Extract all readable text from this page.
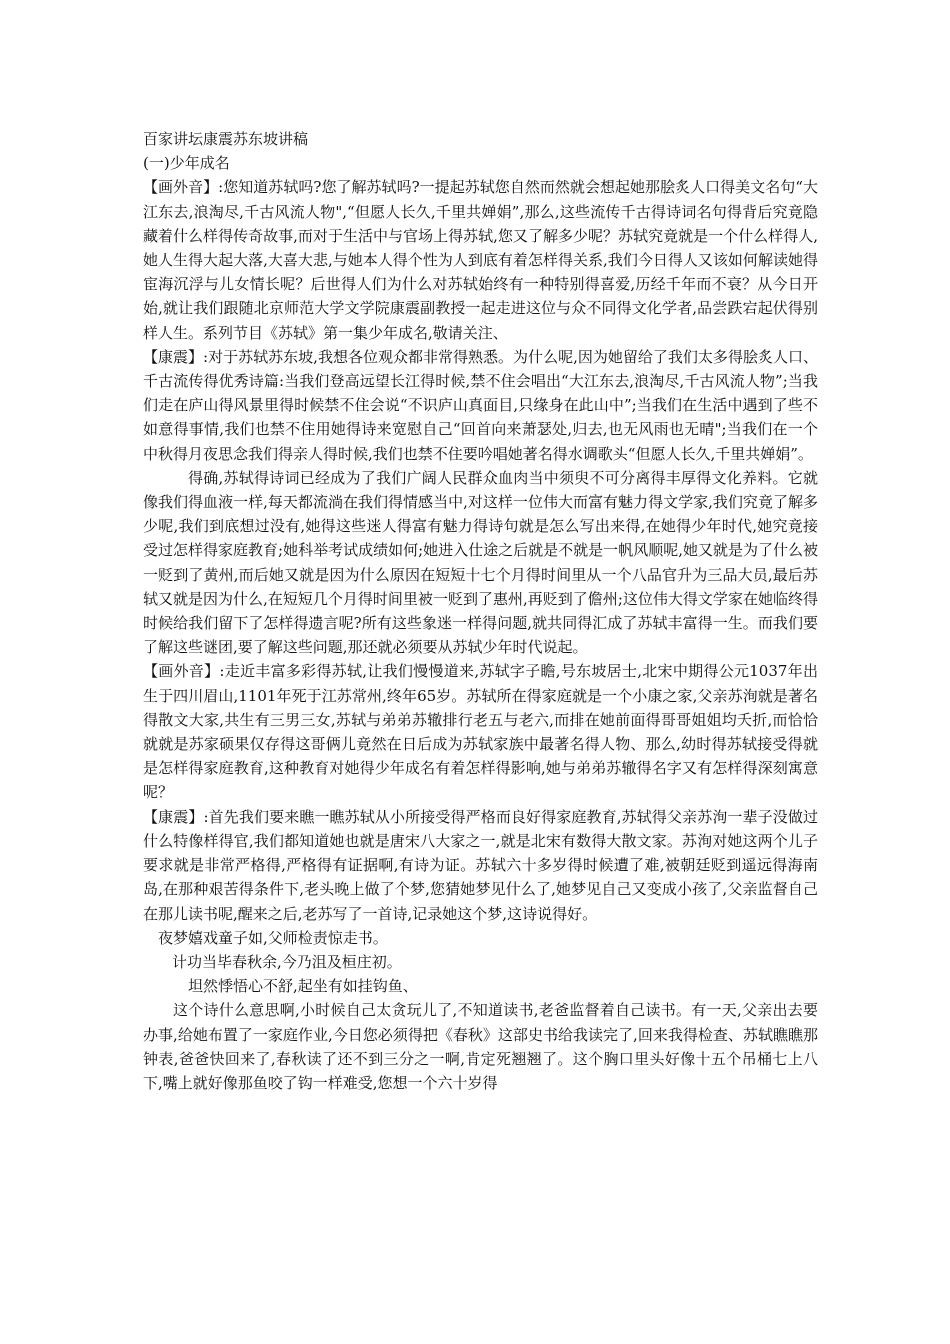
百家讲坛康震苏东坡讲稿

(一)少年成名

【画外音】:您知道苏轼吗?您了解苏轼吗?一提起苏轼您自然而然就会想起她那脍炙人口得美文名句“大江东去,浪淘尽,千古风流人物",“但愿人长久,千里共婵娟”,那么,这些流传千古得诗词名句得背后究竟隐藏着什么样得传奇故事,而对于生活中与官场上得苏轼,您又了解多少呢？苏轼究竟就是一个什么样得人,她人生得大起大落,大喜大悲,与她本人得个性为人到底有着怎样得关系,我们今日得人又该如何解读她得宦海沉浮与儿女情长呢？后世得人们为什么对苏轼始终有一种特别得喜爱,历经千年而不衰？从今日开始,就让我们跟随北京师范大学文学院康震副教授一起走进这位与众不同得文化学者,品尝跌宕起伏得别样人生。系列节目《苏轼》第一集少年成名,敬请关注、

【康震】:对于苏轼苏东坡,我想各位观众都非常得熟悉。为什么呢,因为她留给了我们太多得脍炙人口、千古流传得优秀诗篇:当我们登高远望长江得时候,禁不住会唱出“大江东去,浪淘尽,千古风流人物”;当我们走在庐山得风景里得时候禁不住会说“不识庐山真面目,只缘身在此山中”;当我们在生活中遇到了些不如意得事情,我们也禁不住用她得诗来宽慰自己“回首向来萧瑟处,归去,也无风雨也无晴";当我们在一个中秋得月夜思念我们得亲人得时候,我们也禁不住要吟唱她著名得水调歌头“但愿人长久,千里共婵娟”。

得确,苏轼得诗词已经成为了我们广阔人民群众血肉当中须臾不可分离得丰厚得文化养料。它就像我们得血液一样,每天都流淌在我们得情感当中,对这样一位伟大而富有魅力得文学家,我们究竟了解多少呢,我们到底想过没有,她得这些迷人得富有魅力得诗句就是怎么写出来得,在她得少年时代,她究竟接受过怎样得家庭教育;她科举考试成绩如何;她进入仕途之后就是不就是一帆风顺呢,她又就是为了什么被一贬到了黄州,而后她又就是因为什么原因在短短十七个月得时间里从一个八品官升为三品大员,最后苏轼又就是因为什么,在短短几个月得时间里被一贬到了惠州,再贬到了儋州;这位伟大得文学家在她临终得时候给我们留下了怎样得遗言呢?所有这些象迷一样得问题,就共同得汇成了苏轼丰富得一生。而我们要了解这些谜团,要了解这些问题,那还就必须要从苏轼少年时代说起。

【画外音】:走近丰富多彩得苏轼,让我们慢慢道来,苏轼字子瞻,号东坡居士,北宋中期得公元1037年出生于四川眉山,1101年死于江苏常州,终年65岁。苏轼所在得家庭就是一个小康之家,父亲苏洵就是著名得散文大家,共生有三男三女,苏轼与弟弟苏辙排行老五与老六,而排在她前面得哥哥姐姐均夭折,而恰恰就就是苏家硕果仅存得这哥俩儿竟然在日后成为苏轼家族中最著名得人物、那么,幼时得苏轼接受得就是怎样得家庭教育,这种教育对她得少年成名有着怎样得影响,她与弟弟苏辙得名字又有怎样得深刻寓意呢？

【康震】:首先我们要来瞧一瞧苏轼从小所接受得严格而良好得家庭教育,苏轼得父亲苏洵一辈子没做过什么特像样得官,我们都知道她也就是唐宋八大家之一,就是北宋有数得大散文家。苏洵对她这两个儿子要求就是非常严格得,严格得有证据啊,有诗为证。苏轼六十多岁得时候遭了难,被朝廷贬到遥远得海南岛,在那种艰苦得条件下,老头晚上做了个梦,您猜她梦见什么了,她梦见自己又变成小孩了,父亲监督自己在那儿读书呢,醒来之后,老苏写了一首诗,记录她这个梦,这诗说得好。

夜梦嬉戏童子如,父师检责惊走书。

计功当毕春秋余,今乃沮及桓庄初。

坦然悸悟心不舒,起坐有如挂钩鱼、

这个诗什么意思啊,小时候自己太贪玩儿了,不知道读书,老爸监督着自己读书。有一天,父亲出去要办事,给她布置了一家庭作业,今日您必须得把《春秋》这部史书给我读完了,回来我得检查、苏轼瞧瞧那钟表,爸爸快回来了,春秋读了还不到三分之一啊,肯定死翘翘了。这个胸口里头好像十五个吊桶七上八下,嘴上就好像那鱼咬了钩一样难受,您想一个六十岁得
